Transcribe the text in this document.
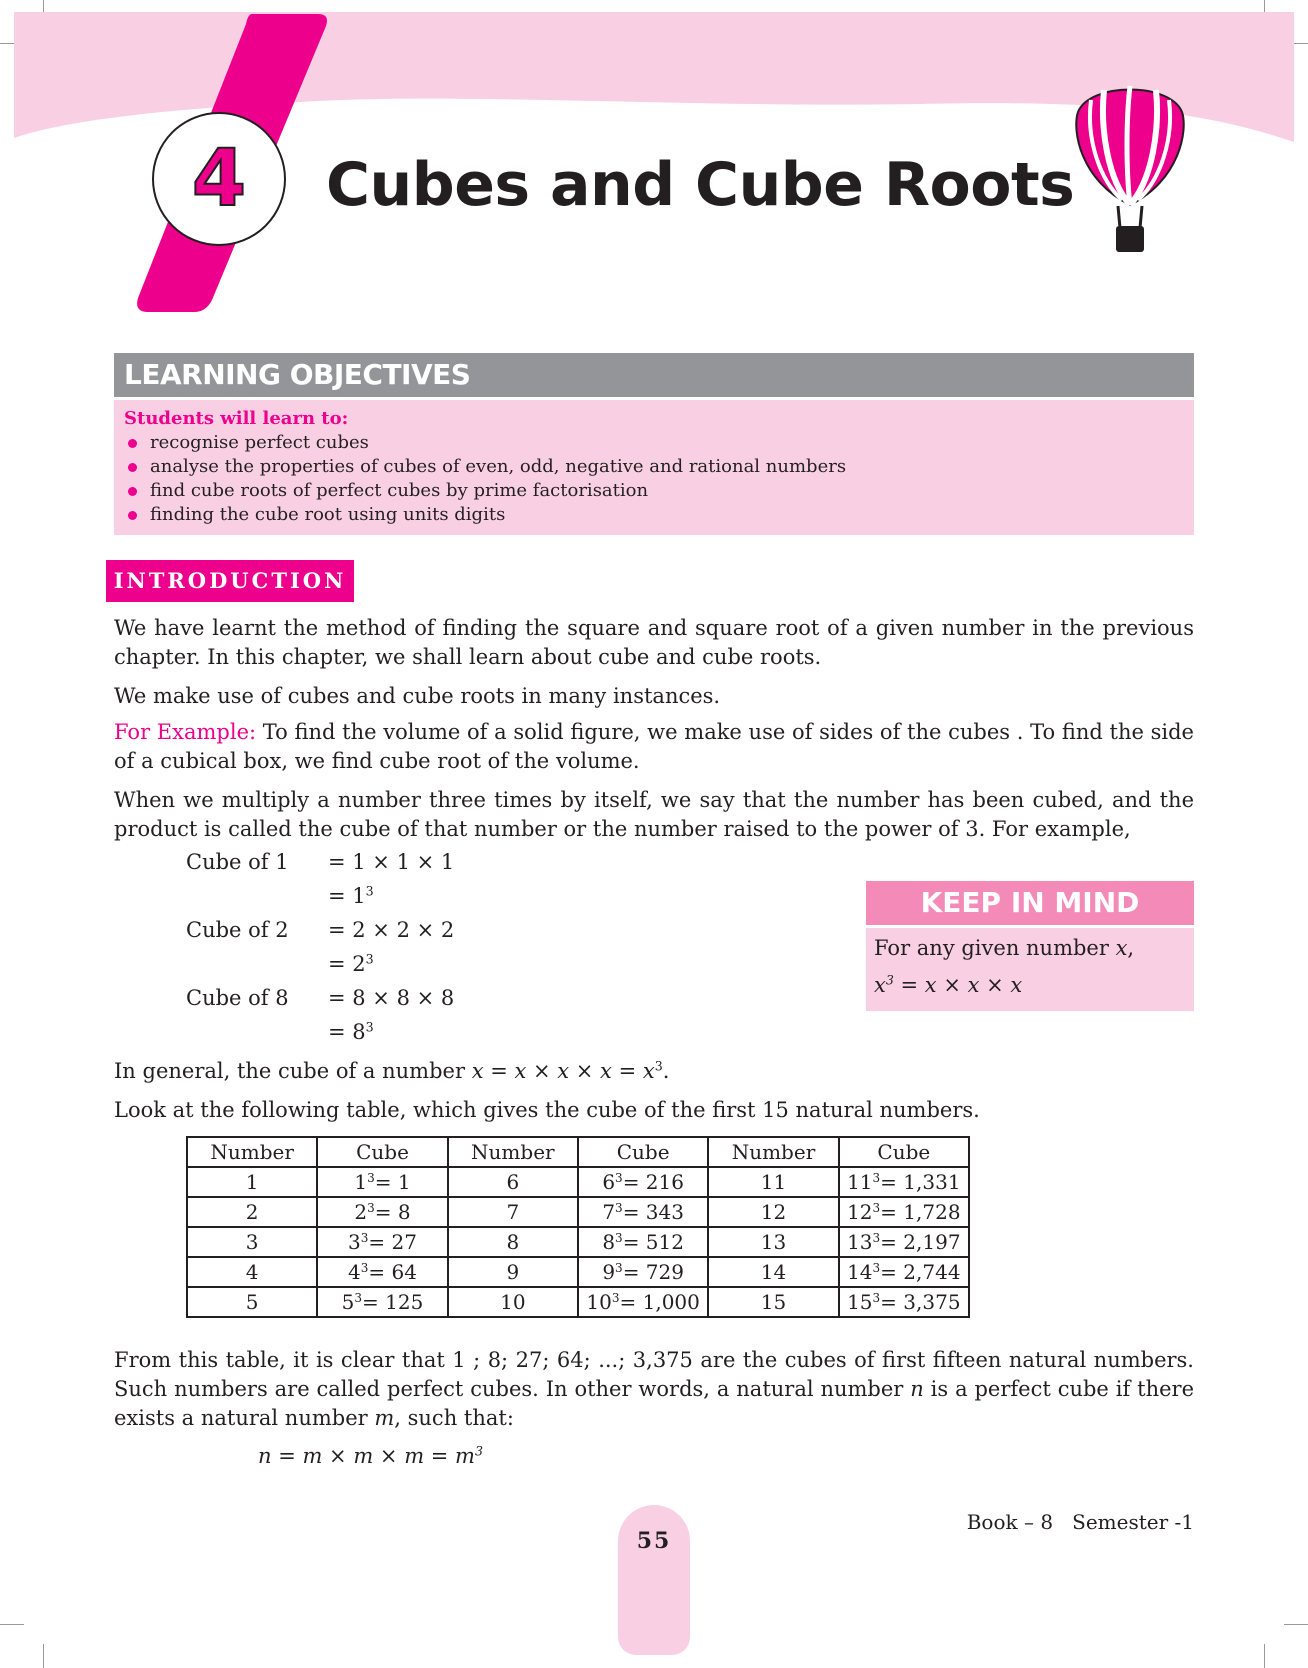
4	Cubes and Cube Roots
LEARNING OBJECTIVES
Students will learn to:
recognise perfect cubes
analyse the properties of cubes of even, odd, negative and rational numbers
find cube roots of perfect cubes by prime factorisation
finding the cube root using units digits
INTRODUCTION

We have learnt the method of finding the square and square root of a given number in the previous chapter. In this chapter, we shall learn about cube and cube roots.

We make use of cubes and cube roots in many instances.

For Example: To find the volume of a solid figure, we make use of sides of the cubes . To find the side of a cubical box, we find cube root of the volume.

When we multiply a number three times by itself, we say that the number has been cubed, and the product is called the cube of that number or the number raised to the power of 3. For example,

Cube of 1 = 1 × 1 × 1
= $1^3$
Cube of 2 = 2 × 2 × 2
= $2^3$
Cube of 8 = 8 × 8 × 8
= $8^3$
KEEP IN MIND
For any given number x,
$x^3 = x \times x \times x$

In general, the cube of a number $x = x \times x \times x = x^3$.

Look at the following table, which gives the cube of the first 15 natural numbers.

Number	Cube	Number	Cube	Number	Cube
1	$1^3= 1$	6	$6^3= 216$	11	$11^3= 1,331$
2	$2^3= 8$	7	$7^3= 343$	12	$12^3= 1,728$
3	$3^3= 27$	8	$8^3= 512$	13	$13^3= 2,197$
4	$4^3= 64$	9	$9^3= 729$	14	$14^3= 2,744$
5	$5^3= 125$	10	$10^3= 1,000$	15	$15^3= 3,375$

From this table, it is clear that 1 ; 8; 27; 64; ...; 3,375 are the cubes of first fifteen natural numbers. Such numbers are called perfect cubes. In other words, a natural number n is a perfect cube if there exists a natural number m, such that:

$n = m \times m \times m = m^3$
55
Book – 8 Semester -1
